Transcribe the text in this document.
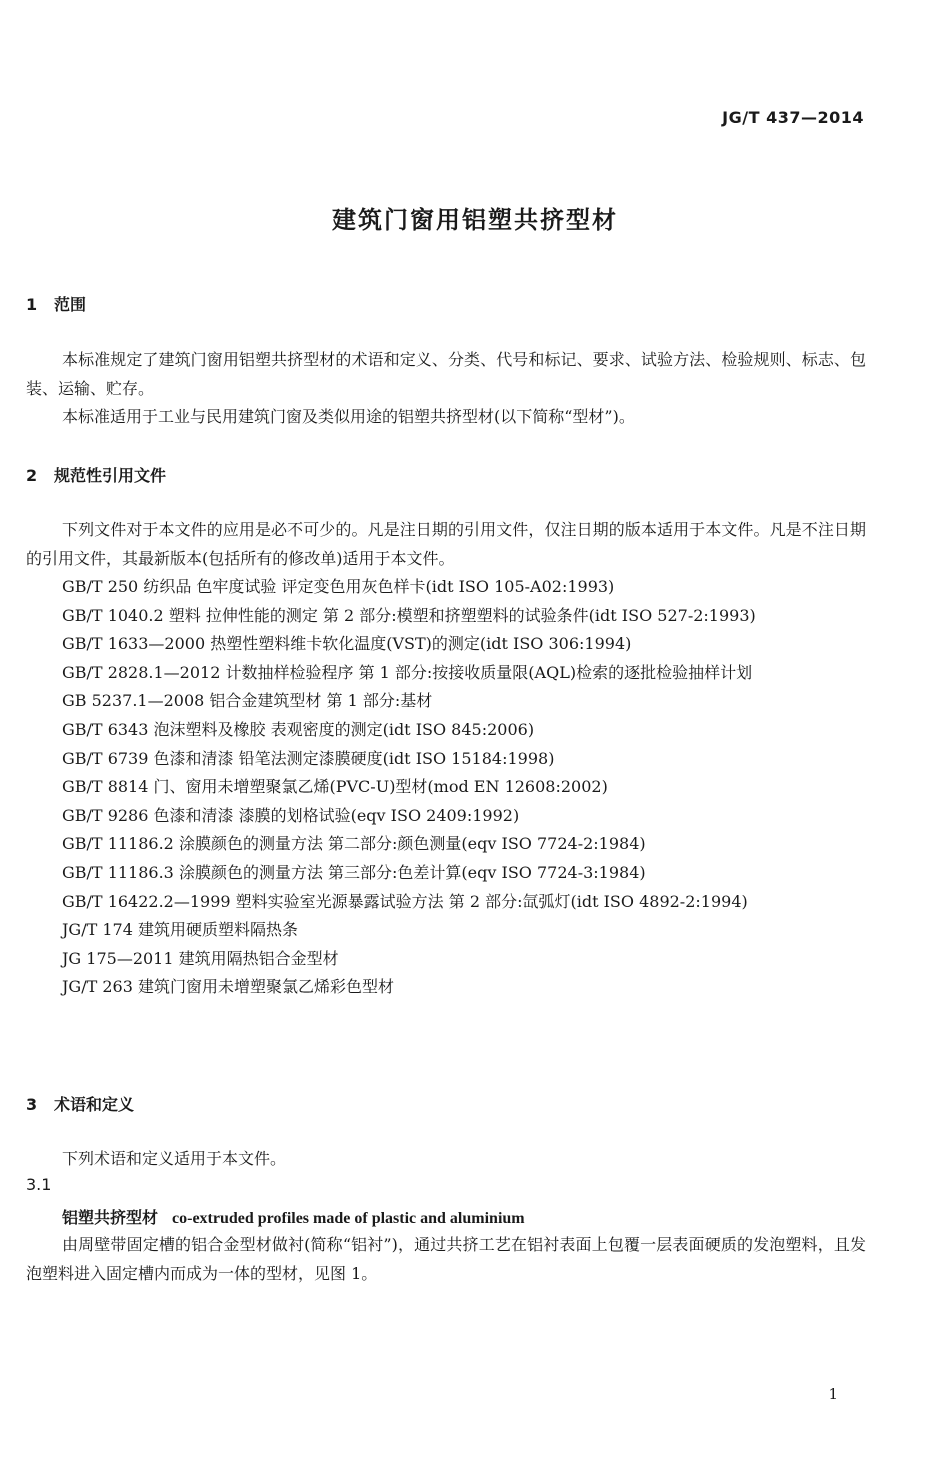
JG/T 437—2014
建筑门窗用铝塑共挤型材
1 范围

本标准规定了建筑门窗用铝塑共挤型材的术语和定义、分类、代号和标记、要求、试验方法、检验规则、标志、包装、运输、贮存。

本标准适用于工业与民用建筑门窗及类似用途的铝塑共挤型材(以下简称“型材”)。

2 规范性引用文件

下列文件对于本文件的应用是必不可少的。凡是注日期的引用文件，仅注日期的版本适用于本文件。凡是不注日期的引用文件，其最新版本(包括所有的修改单)适用于本文件。

GB/T 250 纺织品 色牢度试验 评定变色用灰色样卡(idt ISO 105-A02:1993)
GB/T 1040.2 塑料 拉伸性能的测定 第 2 部分:模塑和挤塑塑料的试验条件(idt ISO 527-2:1993)
GB/T 1633—2000 热塑性塑料维卡软化温度(VST)的测定(idt ISO 306:1994)
GB/T 2828.1—2012 计数抽样检验程序 第 1 部分:按接收质量限(AQL)检索的逐批检验抽样计划
GB 5237.1—2008 铝合金建筑型材 第 1 部分:基材
GB/T 6343 泡沫塑料及橡胶 表观密度的测定(idt ISO 845:2006)
GB/T 6739 色漆和清漆 铅笔法测定漆膜硬度(idt ISO 15184:1998)
GB/T 8814 门、窗用未增塑聚氯乙烯(PVC-U)型材(mod EN 12608:2002)
GB/T 9286 色漆和清漆 漆膜的划格试验(eqv ISO 2409:1992)
GB/T 11186.2 涂膜颜色的测量方法 第二部分:颜色测量(eqv ISO 7724-2:1984)
GB/T 11186.3 涂膜颜色的测量方法 第三部分:色差计算(eqv ISO 7724-3:1984)
GB/T 16422.2—1999 塑料实验室光源暴露试验方法 第 2 部分:氙弧灯(idt ISO 4892-2:1994)
JG/T 174 建筑用硬质塑料隔热条
JG 175—2011 建筑用隔热铝合金型材
JG/T 263 建筑门窗用未增塑聚氯乙烯彩色型材
3 术语和定义

下列术语和定义适用于本文件。

3.1
铝塑共挤型材 co-extruded profiles made of plastic and aluminium

由周壁带固定槽的铝合金型材做衬(简称“铝衬”)，通过共挤工艺在铝衬表面上包覆一层表面硬质的发泡塑料，且发泡塑料进入固定槽内而成为一体的型材，见图 1。

1
